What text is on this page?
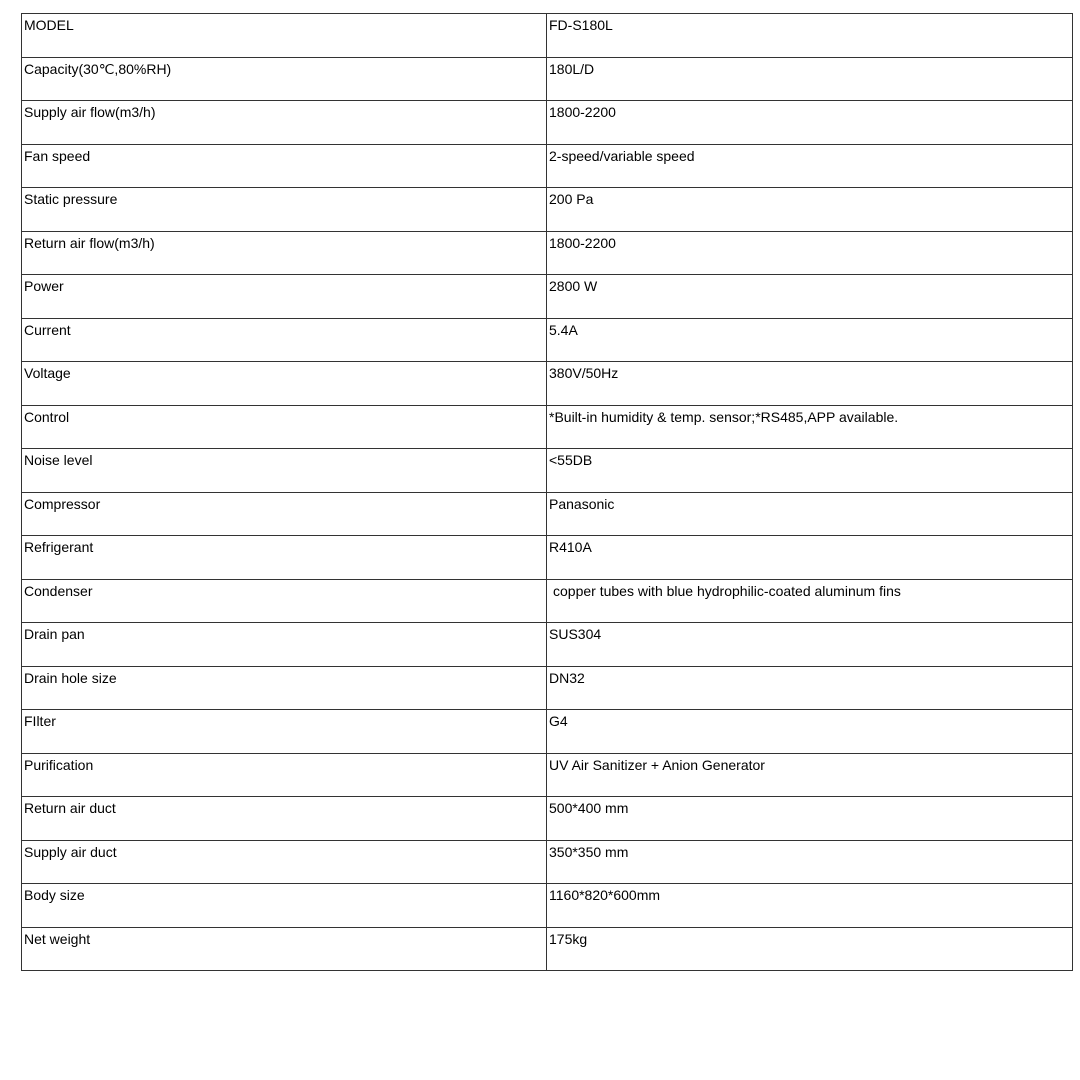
MODEL	FD-S180L
Capacity(30℃,80%RH)	180L/D
Supply air flow(m3/h)	1800-2200
Fan speed	2-speed/variable speed
Static pressure	200 Pa
Return air flow(m3/h)	1800-2200
Power	2800 W
Current	5.4A
Voltage	380V/50Hz
Control	*Built-in humidity & temp. sensor;*RS485,APP available.
Noise level	<55DB
Compressor	Panasonic
Refrigerant	R410A
Condenser	copper tubes with blue hydrophilic-coated aluminum fins
Drain pan	SUS304
Drain hole size	DN32
FIlter	G4
Purification	UV Air Sanitizer + Anion Generator
Return air duct	500*400 mm
Supply air duct	350*350 mm
Body size	1160*820*600mm
Net weight	175kg
